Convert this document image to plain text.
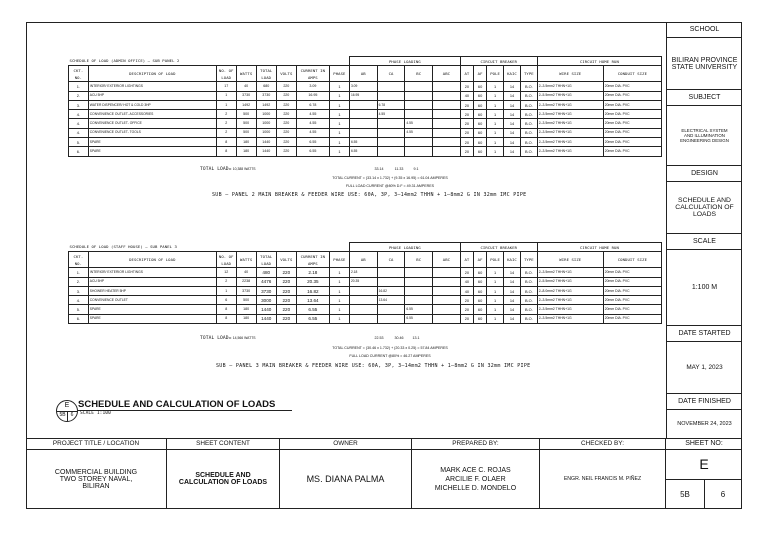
SCHEDULE OF LOAD (ADMIN OFFICE) – SUB PANEL 2								PHASE LOADING				CIRCUIT BREAKER					CIRCUIT HOME RUN	
CKT. NO.	DESCRIPTION OF LOAD	NO. OF LOAD	WATTS	TOTAL LOAD	VOLTS	CURRENT IN AMPS	PHASE	AB	CA	BC	ABC	AT	AF	POLE	KAIC	TYPE	WIRE SIZE	CONDUIT SIZE
1.	INTERIOR/ EXTERIOR LIGHTINGS	17	40	680	220	3.09	1	3.09				20	60	1	14	B.O.	2–3.5mm2 THHN+1G	20mm DIA. PVC
2.	ACU 5HP	1	3730	3730	220	16.95	1	16.95				40	60	1	14	B.O.	2–5.5mm2 THHN+1G	20mm DIA. PVC
3.	WATER DISPENCER/ HOT & COLD 3HP	1	1492	1492	220	6.78	1		6.78			20	60	1	14	B.O.	2–3.5mm2 THHN+1G	20mm DIA. PVC
4.	CONVENIENCE OUTLET- ACCESSORIES	2	500	1000	220	4.55	1		4.55			20	60	1	14	B.O.	2–3.5mm2 THHN+1G	20mm DIA. PVC
4.	CONVENIENCE OUTLET- OFFICE	2	500	1000	220	4.55	1			4.55		20	60	1	14	B.O.	2–3.5mm2 THHN+1G	20mm DIA. PVC
4.	CONVENIENCE OUTLET- TOOLS	2	500	1000	220	4.55	1			4.55		20	60	1	14	B.O.	2–3.5mm2 THHN+1G	20mm DIA. PVC
5.	SPARE	8	180	1440	220	6.55	1	6.55				20	60	1	14	B.O.	2–3.5mm2 THHN+1G	20mm DIA. PVC
6.	SPARE	8	180	1440	220	6.55	1	6.55				20	60	1	14	B.O.	2–3.5mm2 THHN+1G	20mm DIA. PVC
TOTAL LOAD= 10,388 WATTS	33.14	11.33	9.1
TOTAL CURRENT = (33.14 x 1.732) + (9.35 x 16.95) = 61.04 AMPERES
FULL LOAD CURRENT @80% D.F = 49.31 AMPERES
SUB – PANEL 2 MAIN BREAKER & FEEDER WIRE USE: 60A, 3P, 3–14mm2 THHN + 1–8mm2 G IN 32mm IMC PIPE
SCHEDULE OF LOAD (STAFF HOUSE) – SUB PANEL 3								PHASE LOADING				CIRCUIT BREAKER					CIRCUIT HOME RUN	
CKT. NO.	DESCRIPTION OF LOAD	NO. OF LOAD	WATTS	TOTAL LOAD	VOLTS	CURRENT IN AMPS	PHASE	AB	CA	BC	ABC	AT	AF	POLE	KAIC	TYPE	WIRE SIZE	CONDUIT SIZE
1.	INTERIOR/ EXTERIOR LIGHTINGS	12	40	480	220	2.18	1	2.18				20	60	1	14	B.O.	2–3.5mm2 THHN+1G	20mm DIA. PVC
2.	ACU 5HP	2	2238	4476	220	20.35	1	20.35				40	60	1	14	B.O.	2–5.5mm2 THHN+1G	20mm DIA. PVC
3.	SHOWER HEATER 5HP	1	3730	3730	220	16.82	1		16.82			40	60	1	14	B.O.	2–8.0mm2 THHN+1G	20mm DIA. PVC
4.	CONVENIENCE OUTLET	6	500	3000	220	13.64	1		13.64			20	60	1	14	B.O.	2–3.5mm2 THHN+1G	20mm DIA. PVC
5.	SPARE	8	180	1440	220	6.55	1			6.55		20	60	1	14	B.O.	2–3.5mm2 THHN+1G	20mm DIA. PVC
6.	SPARE	8	180	1440	220	6.55	1			6.55		20	60	1	14	B.O.	2–3.5mm2 THHN+1G	20mm DIA. PVC
TOTAL LOAD= 14,566 WATTS	22.53	30.46	13.1
TOTAL CURRENT = (30.46 x 1.732) + (20.33 x 0.25) = 57.84 AMPERES
FULL LOAD CURRENT @80% = 46.27 AMPERES
SUB – PANEL 3 MAIN BREAKER & FEEDER WIRE USE: 60A, 3P, 3–14mm2 THHN + 1–8mm2 G IN 32mm IMC PIPE
E
5B	6
SCHEDULE AND CALCULATION OF LOADS
SCALE 1:100
SCHOOL
BILIRAN PROVINCE STATE UNIVERSITY
SUBJECT
ELECTRICAL SYSTEM AND ILLUMINATION ENGINEERING DESIGN
DESIGN
SCHEDULE AND CALCULATION OF LOADS
SCALE
1:100 M
DATE STARTED
MAY 1, 2023
DATE FINISHED
NOVEMBER 24, 2023
PROJECT TITLE / LOCATION
COMMERCIAL BUILDING TWO STOREY NAVAL, BILIRAN
SHEET CONTENT
SCHEDULE AND CALCULATION OF LOADS
OWNER
MS. DIANA PALMA
PREPARED BY:
MARK ACE C. ROJAS
ARCILIE F. OLAER
MICHELLE D. MONDELO
CHECKED BY:
ENGR. NEIL FRANCIS M. PIÑEZ
SHEET NO:
E
5B	6
